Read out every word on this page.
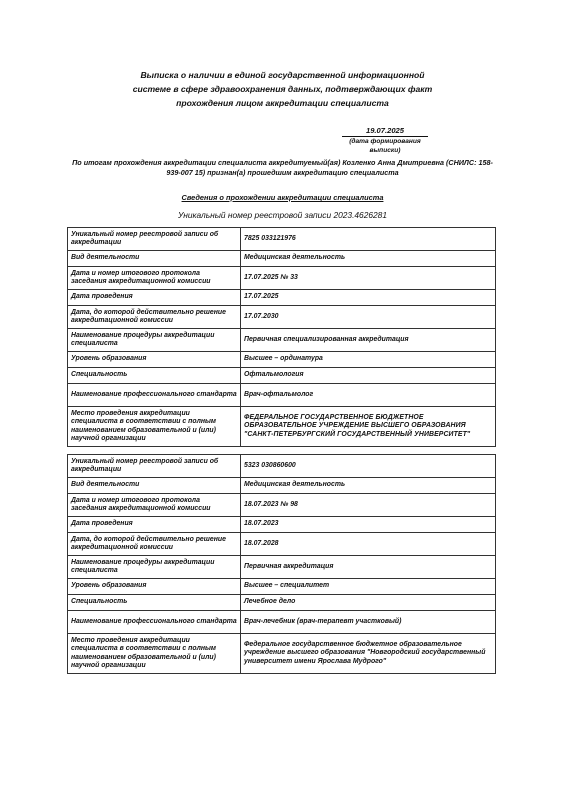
Выписка о наличии в единой государственной информационной
системе в сфере здравоохранения данных, подтверждающих факт
прохождения лицом аккредитации специалиста
19.07.2025
(дата формирования выписки)
По итогам прохождения аккредитации специалиста аккредитуемый(ая) Козленко Анна Дмитриевна (СНИЛС: 158-939-007 15) признан(а) прошедшим аккредитацию специалиста
Сведения о прохождении аккредитации специалиста
Уникальный номер реестровой записи 2023.4626281
Уникальный номер реестровой записи об аккредитации	7825 033121976
Вид деятельности	Медицинская деятельность
Дата и номер итогового протокола заседания аккредитационной комиссии	17.07.2025 № 33
Дата проведения	17.07.2025
Дата, до которой действительно решение аккредитационной комиссии	17.07.2030
Наименование процедуры аккредитации специалиста	Первичная специализированная аккредитация
Уровень образования	Высшее – ординатура
Специальность	Офтальмология
Наименование профессионального стандарта	Врач-офтальмолог
Место проведения аккредитации специалиста в соответствии с полным наименованием образовательной и (или) научной организации	ФЕДЕРАЛЬНОЕ ГОСУДАРСТВЕННОЕ БЮДЖЕТНОЕ ОБРАЗОВАТЕЛЬНОЕ УЧРЕЖДЕНИЕ ВЫСШЕГО ОБРАЗОВАНИЯ "САНКТ-ПЕТЕРБУРГСКИЙ ГОСУДАРСТВЕННЫЙ УНИВЕРСИТЕТ"
Уникальный номер реестровой записи об аккредитации	5323 030860600
Вид деятельности	Медицинская деятельность
Дата и номер итогового протокола заседания аккредитационной комиссии	18.07.2023 № 98
Дата проведения	18.07.2023
Дата, до которой действительно решение аккредитационной комиссии	18.07.2028
Наименование процедуры аккредитации специалиста	Первичная аккредитация
Уровень образования	Высшее – специалитет
Специальность	Лечебное дело
Наименование профессионального стандарта	Врач-лечебник (врач-терапевт участковый)
Место проведения аккредитации специалиста в соответствии с полным наименованием образовательной и (или) научной организации	Федеральное государственное бюджетное образовательное учреждение высшего образования "Новгородский государственный университет имени Ярослава Мудрого"
